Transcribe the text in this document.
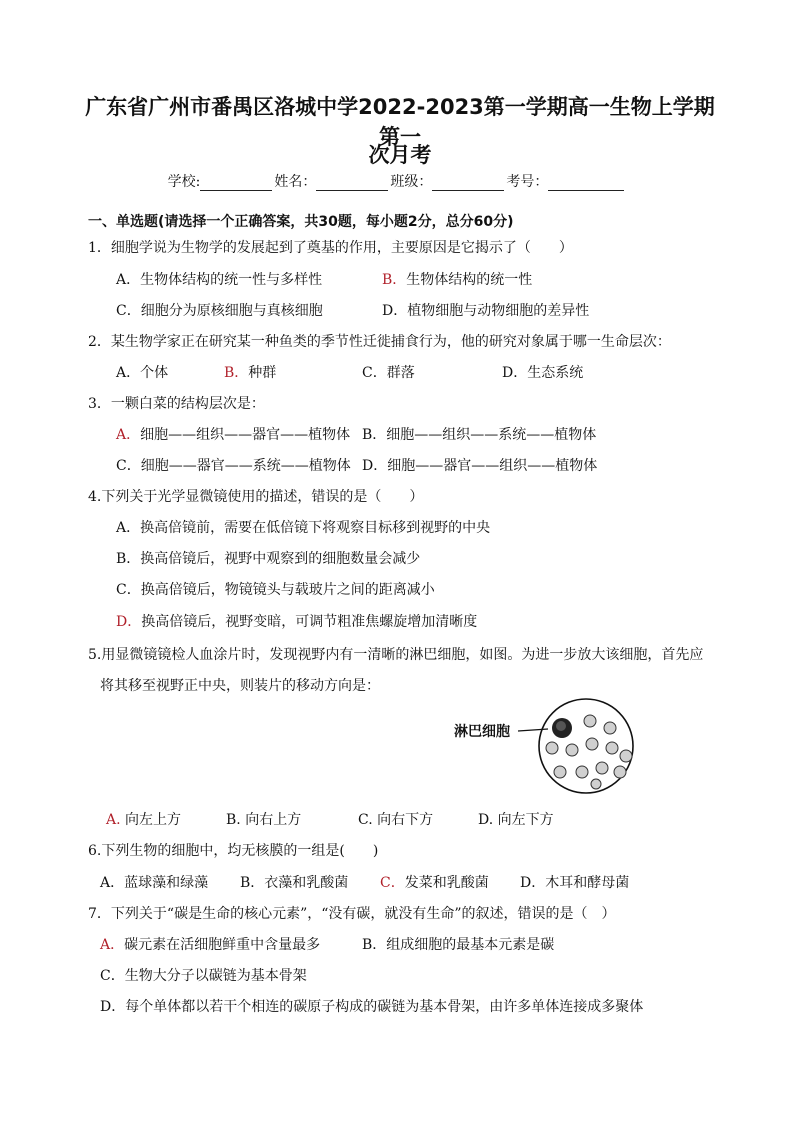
广东省广州市番禺区洛城中学2022-2023第一学期高一生物上学期第一
次月考
学校:	姓名：	班级：	考号：
一、单选题(请选择一个正确答案，共30题，每小题2分，总分60分)
1．细胞学说为生物学的发展起到了奠基的作用，主要原因是它揭示了（　　）
A．生物体结构的统一性与多样性	B．生物体结构的统一性
C．细胞分为原核细胞与真核细胞	D．植物细胞与动物细胞的差异性
2．某生物学家正在研究某一种鱼类的季节性迁徙捕食行为，他的研究对象属于哪一生命层次：
A．个体	B．种群	C．群落	D．生态系统
3．一颗白菜的结构层次是：
A．细胞——组织——器官——植物体 B．细胞——组织——系统——植物体
C．细胞——器官——系统——植物体 D．细胞——器官——组织——植物体
4.下列关于光学显微镜使用的描述，错误的是（　　）
A．换高倍镜前，需要在低倍镜下将观察目标移到视野的中央
B．换高倍镜后，视野中观察到的细胞数量会减少
C．换高倍镜后，物镜镜头与载玻片之间的距离减小
D．换高倍镜后，视野变暗，可调节粗准焦螺旋增加清晰度
5.用显微镜镜检人血涂片时，发现视野内有一清晰的淋巴细胞，如图。为进一步放大该细胞，首先应
将其移至视野正中央，则装片的移动方向是：
淋巴细胞
A. 向左上方	B. 向右上方	C. 向右下方	D. 向左下方
6.下列生物的细胞中，均无核膜的一组是(　　)
A．蓝球藻和绿藻 B．衣藻和乳酸菌 C．发菜和乳酸菌 D．木耳和酵母菌
7．下列关于“碳是生命的核心元素”，“没有碳，就没有生命”的叙述，错误的是（　）
A．碳元素在活细胞鲜重中含量最多	B．组成细胞的最基本元素是碳
C．生物大分子以碳链为基本骨架
D．每个单体都以若干个相连的碳原子构成的碳链为基本骨架，由许多单体连接成多聚体
